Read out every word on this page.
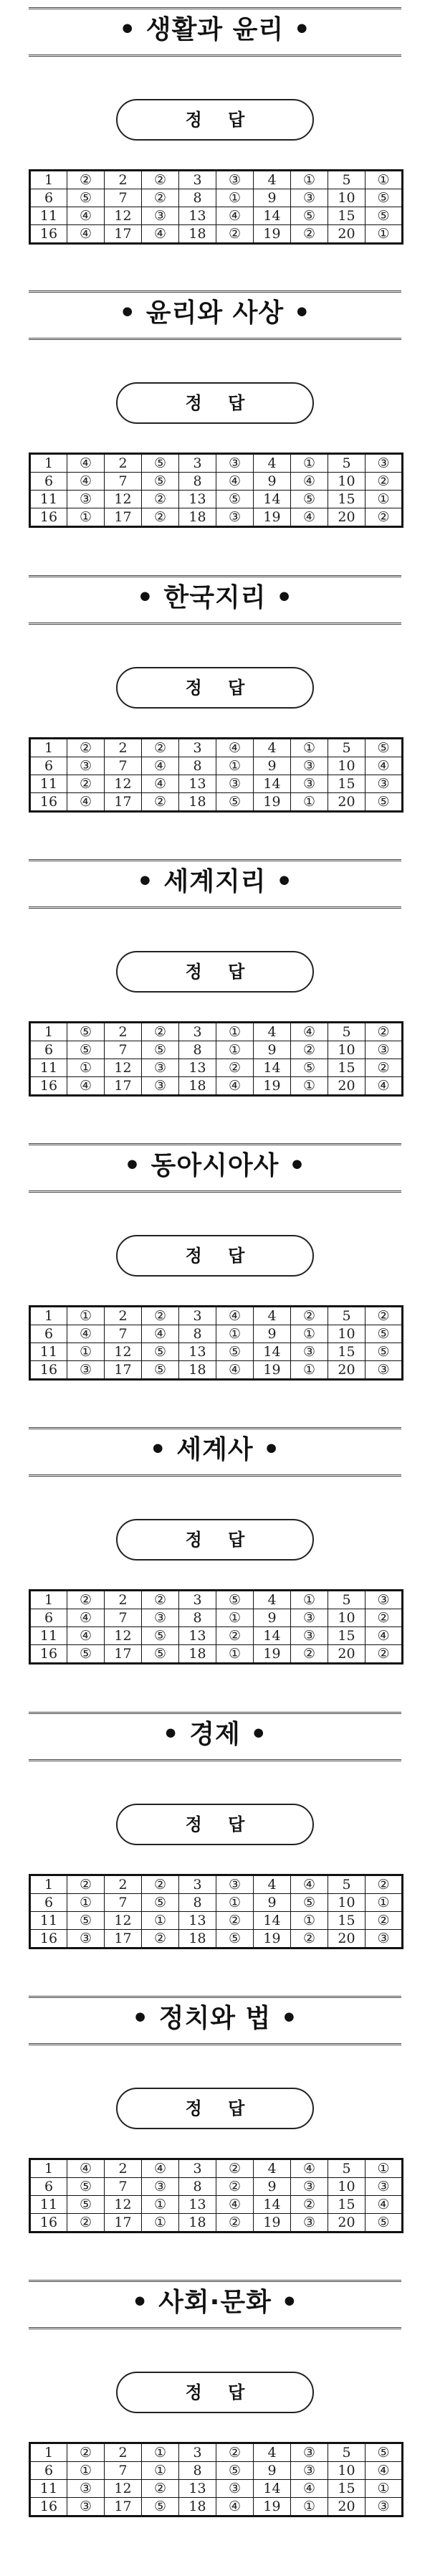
• 생활과 윤리 •
정 답
1	②	2	②	3	③	4	①	5	①
6	⑤	7	②	8	①	9	③	10	⑤
11	④	12	③	13	④	14	⑤	15	⑤
16	④	17	④	18	②	19	②	20	①
• 윤리와 사상 •
정 답
1	④	2	⑤	3	③	4	①	5	③
6	④	7	⑤	8	④	9	④	10	②
11	③	12	②	13	⑤	14	⑤	15	①
16	①	17	②	18	③	19	④	20	②
• 한국지리 •
정 답
1	②	2	②	3	④	4	①	5	⑤
6	③	7	④	8	①	9	③	10	④
11	②	12	④	13	③	14	③	15	③
16	④	17	②	18	⑤	19	①	20	⑤
• 세계지리 •
정 답
1	⑤	2	②	3	①	4	④	5	②
6	⑤	7	⑤	8	①	9	②	10	③
11	①	12	③	13	②	14	⑤	15	②
16	④	17	③	18	④	19	①	20	④
• 동아시아사 •
정 답
1	①	2	②	3	④	4	②	5	②
6	④	7	④	8	①	9	①	10	⑤
11	①	12	⑤	13	⑤	14	③	15	⑤
16	③	17	⑤	18	④	19	①	20	③
• 세계사 •
정 답
1	②	2	②	3	⑤	4	①	5	③
6	④	7	③	8	①	9	③	10	②
11	④	12	⑤	13	②	14	③	15	④
16	⑤	17	⑤	18	①	19	②	20	②
• 경제 •
정 답
1	②	2	②	3	③	4	④	5	②
6	①	7	⑤	8	①	9	⑤	10	①
11	⑤	12	①	13	②	14	①	15	②
16	③	17	②	18	⑤	19	②	20	③
• 정치와 법 •
정 답
1	④	2	④	3	②	4	④	5	①
6	⑤	7	③	8	②	9	③	10	③
11	⑤	12	①	13	④	14	②	15	④
16	②	17	①	18	②	19	③	20	⑤
• 사회·문화 •
정 답
1	②	2	①	3	②	4	③	5	⑤
6	①	7	①	8	⑤	9	③	10	④
11	③	12	②	13	③	14	④	15	①
16	③	17	⑤	18	④	19	①	20	③
